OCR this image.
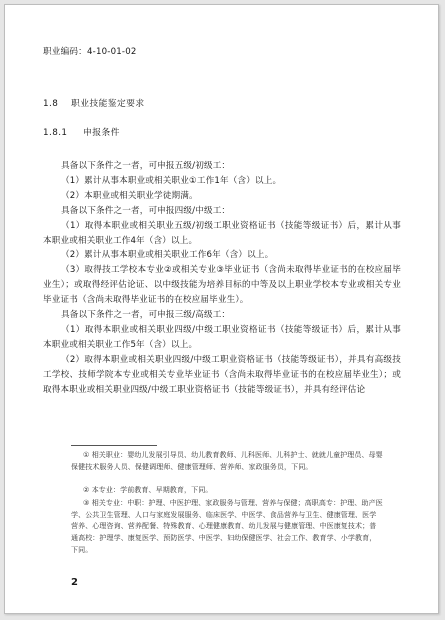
职业编码：4-10-01-02
1.8 职业技能鉴定要求
1.8.1 申报条件

具备以下条件之一者，可申报五级/初级工：

（1）累计从事本职业或相关职业①工作1年（含）以上。

（2）本职业或相关职业学徒期满。

具备以下条件之一者，可申报四级/中级工：

（1）取得本职业或相关职业五级/初级工职业资格证书（技能等级证书）后，累计从事本职业或相关职业工作4年（含）以上。

（2）累计从事本职业或相关职业工作6年（含）以上。

（3）取得技工学校本专业②或相关专业③毕业证书（含尚未取得毕业证书的在校应届毕业生）；或取得经评估论证、以中级技能为培养目标的中等及以上职业学校本专业或相关专业毕业证书（含尚未取得毕业证书的在校应届毕业生）。

具备以下条件之一者，可申报三级/高级工：

（1）取得本职业或相关职业四级/中级工职业资格证书（技能等级证书）后，累计从事本职业或相关职业工作5年（含）以上。

（2）取得本职业或相关职业四级/中级工职业资格证书（技能等级证书），并具有高级技工学校、技师学院本专业或相关专业毕业证书（含尚未取得毕业证书的在校应届毕业生）；或取得本职业或相关职业四级/中级工职业资格证书（技能等级证书），并具有经评估论

① 相关职业：婴幼儿发展引导员、幼儿教育教师、儿科医师、儿科护士、就就儿童护理员、母婴保健技术服务人员、保健调理师、健康管理师、营养师、家政服务员，下同。

② 本专业：学前教育、早期教育，下同。

③ 相关专业：中职：护理、中医护理、家政服务与管理、营养与保健；高职高专：护理、助产医学、公共卫生管理、人口与家庭发展服务、临床医学、中医学、食品营养与卫生、健康管理、医学营养、心理咨询、营养配餐、特殊教育、心理健康教育、幼儿发展与健康管理、中医康复技术；普通高校：护理学、康复医学、预防医学、中医学、妇幼保健医学、社会工作、教育学、小学教育，下同。

2
